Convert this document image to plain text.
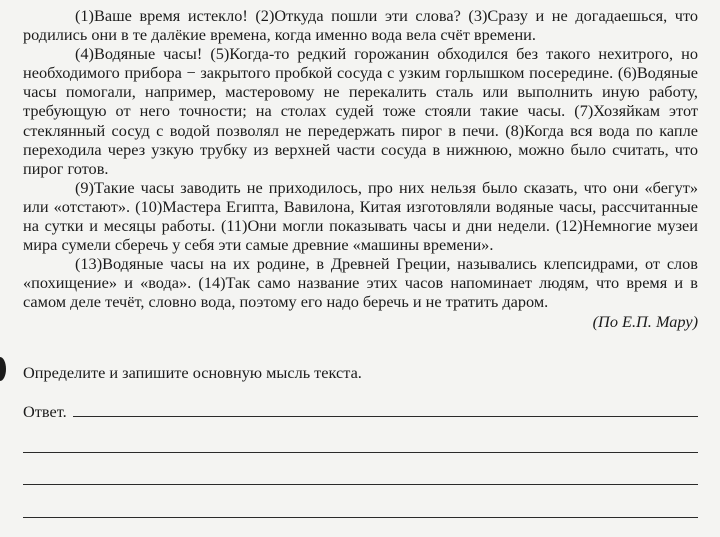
(1)Ваше время истекло! (2)Откуда пошли эти слова? (3)Сразу и не догадаешься, что родились они в те далёкие времена, когда именно вода вела счёт времени.

(4)Водяные часы! (5)Когда-то редкий горожанин обходился без такого нехитрого, но необходимого прибора − закрытого пробкой сосуда с узким горлышком посередине. (6)Водяные часы помогали, например, мастеровому не перекалить сталь или выполнить иную работу, требующую от него точности; на столах судей тоже стояли такие часы. (7)Хозяйкам этот стеклянный сосуд с водой позволял не передержать пирог в печи. (8)Когда вся вода по капле переходила через узкую трубку из верхней части сосуда в нижнюю, можно было считать, что пирог готов.

(9)Такие часы заводить не приходилось, про них нельзя было сказать, что они «бегут» или «отстают». (10)Мастера Египта, Вавилона, Китая изготовляли водяные часы, рассчитанные на сутки и месяцы работы. (11)Они могли показывать часы и дни недели. (12)Немногие музеи мира сумели сберечь у себя эти самые древние «машины времени».

(13)Водяные часы на их родине, в Древней Греции, назывались клепсидрами, от слов «похищение» и «вода». (14)Так само название этих часов напоминает людям, что время и в самом деле течёт, словно вода, поэтому его надо беречь и не тратить даром.

(По Е.П. Мару)

Определите и запишите основную мысль текста.
Ответ.
